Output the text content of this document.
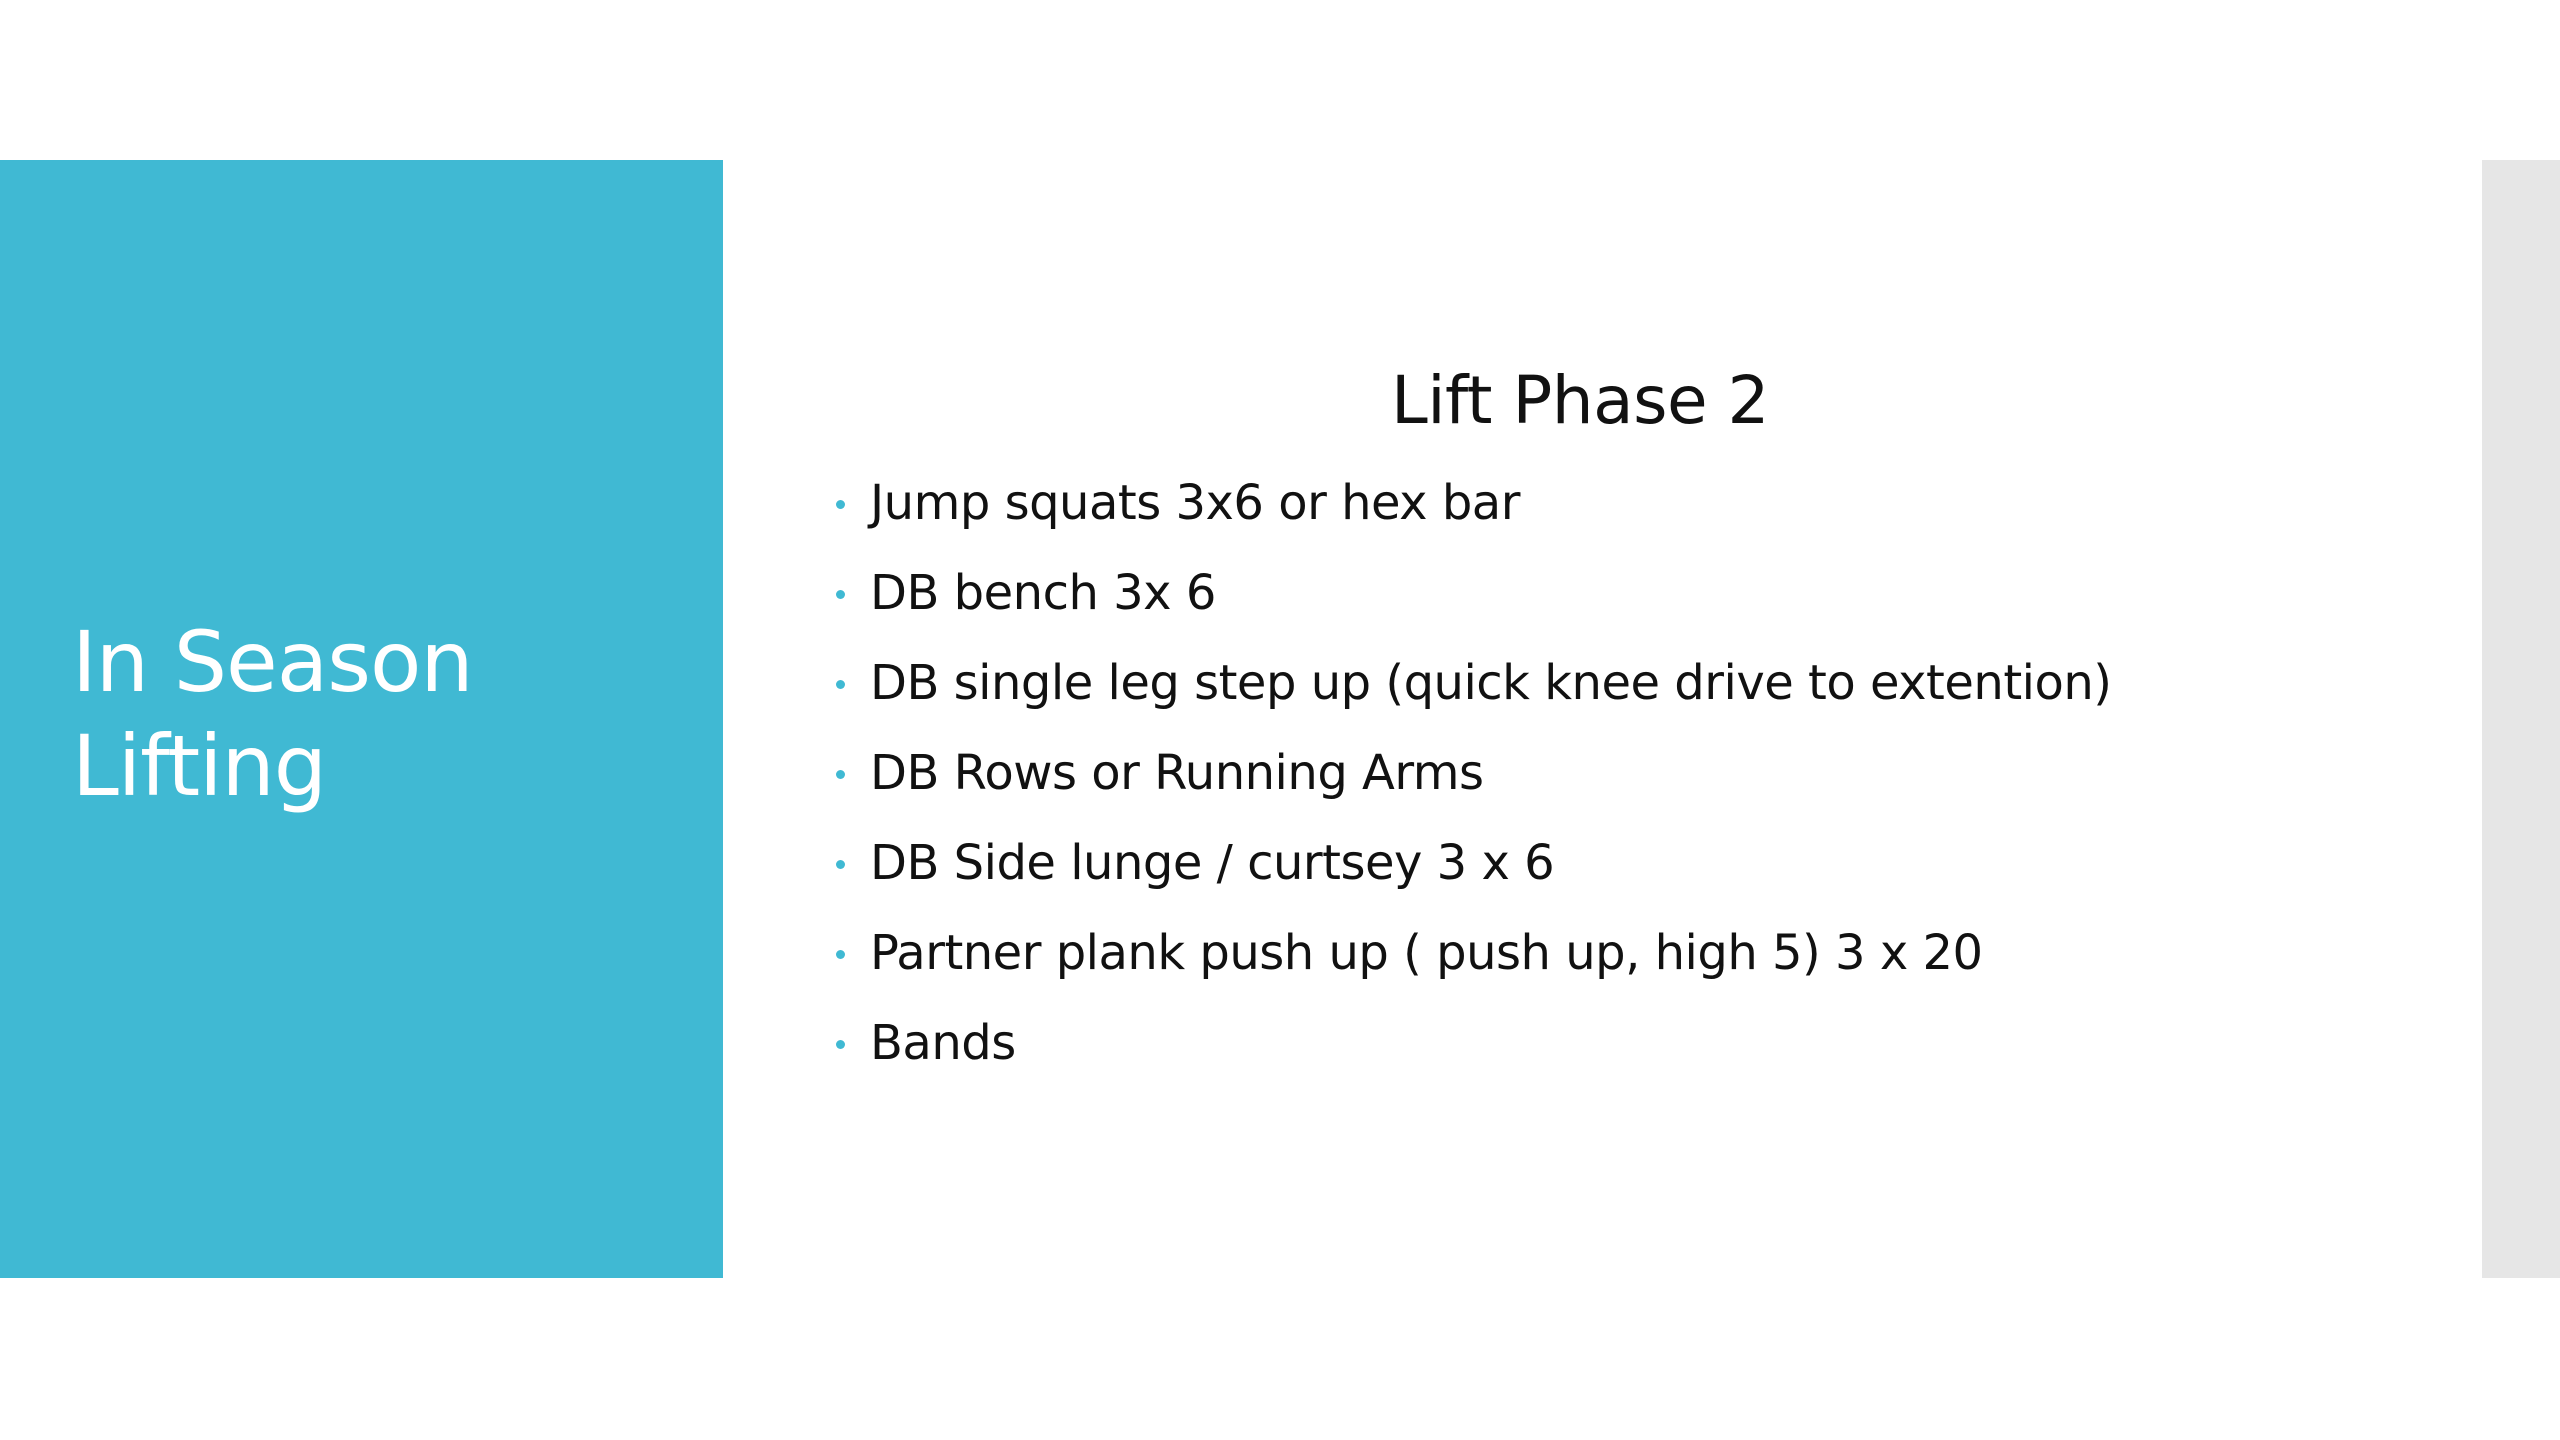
In Season
Lifting
Lift Phase 2
Jump squats 3x6 or hex bar
DB bench 3x 6
DB single leg step up (quick knee drive to extention)
DB Rows or Running Arms
DB Side lunge / curtsey 3 x 6
Partner plank push up ( push up, high 5) 3 x 20
Bands
